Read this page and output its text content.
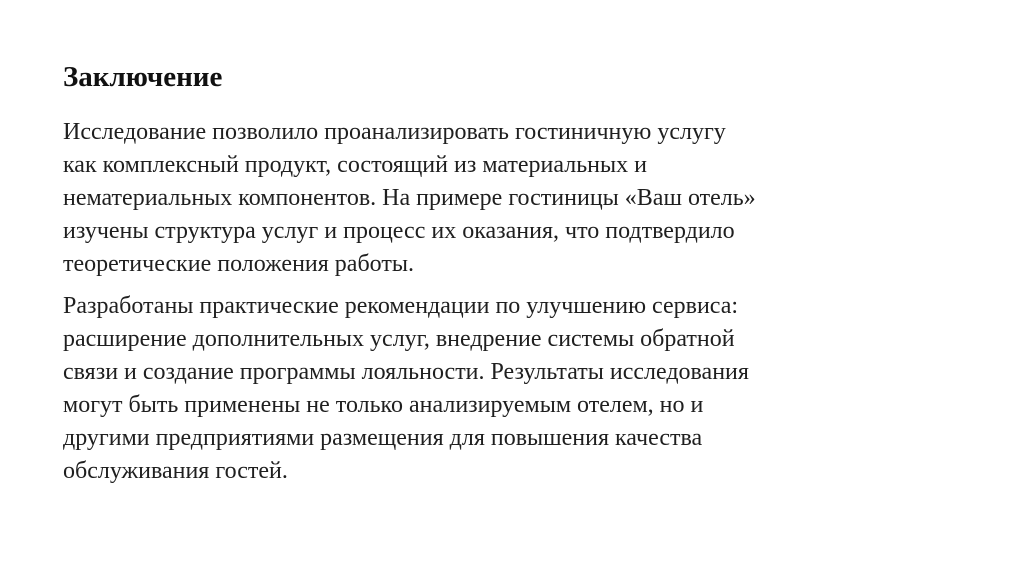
Заключение

Исследование позволило проанализировать гостиничную услугу
как комплексный продукт, состоящий из материальных и
нематериальных компонентов. На примере гостиницы «Ваш отель»
изучены структура услуг и процесс их оказания, что подтвердило
теоретические положения работы.

Разработаны практические рекомендации по улучшению сервиса:
расширение дополнительных услуг, внедрение системы обратной
связи и создание программы лояльности. Результаты исследования
могут быть применены не только анализируемым отелем, но и
другими предприятиями размещения для повышения качества
обслуживания гостей.
